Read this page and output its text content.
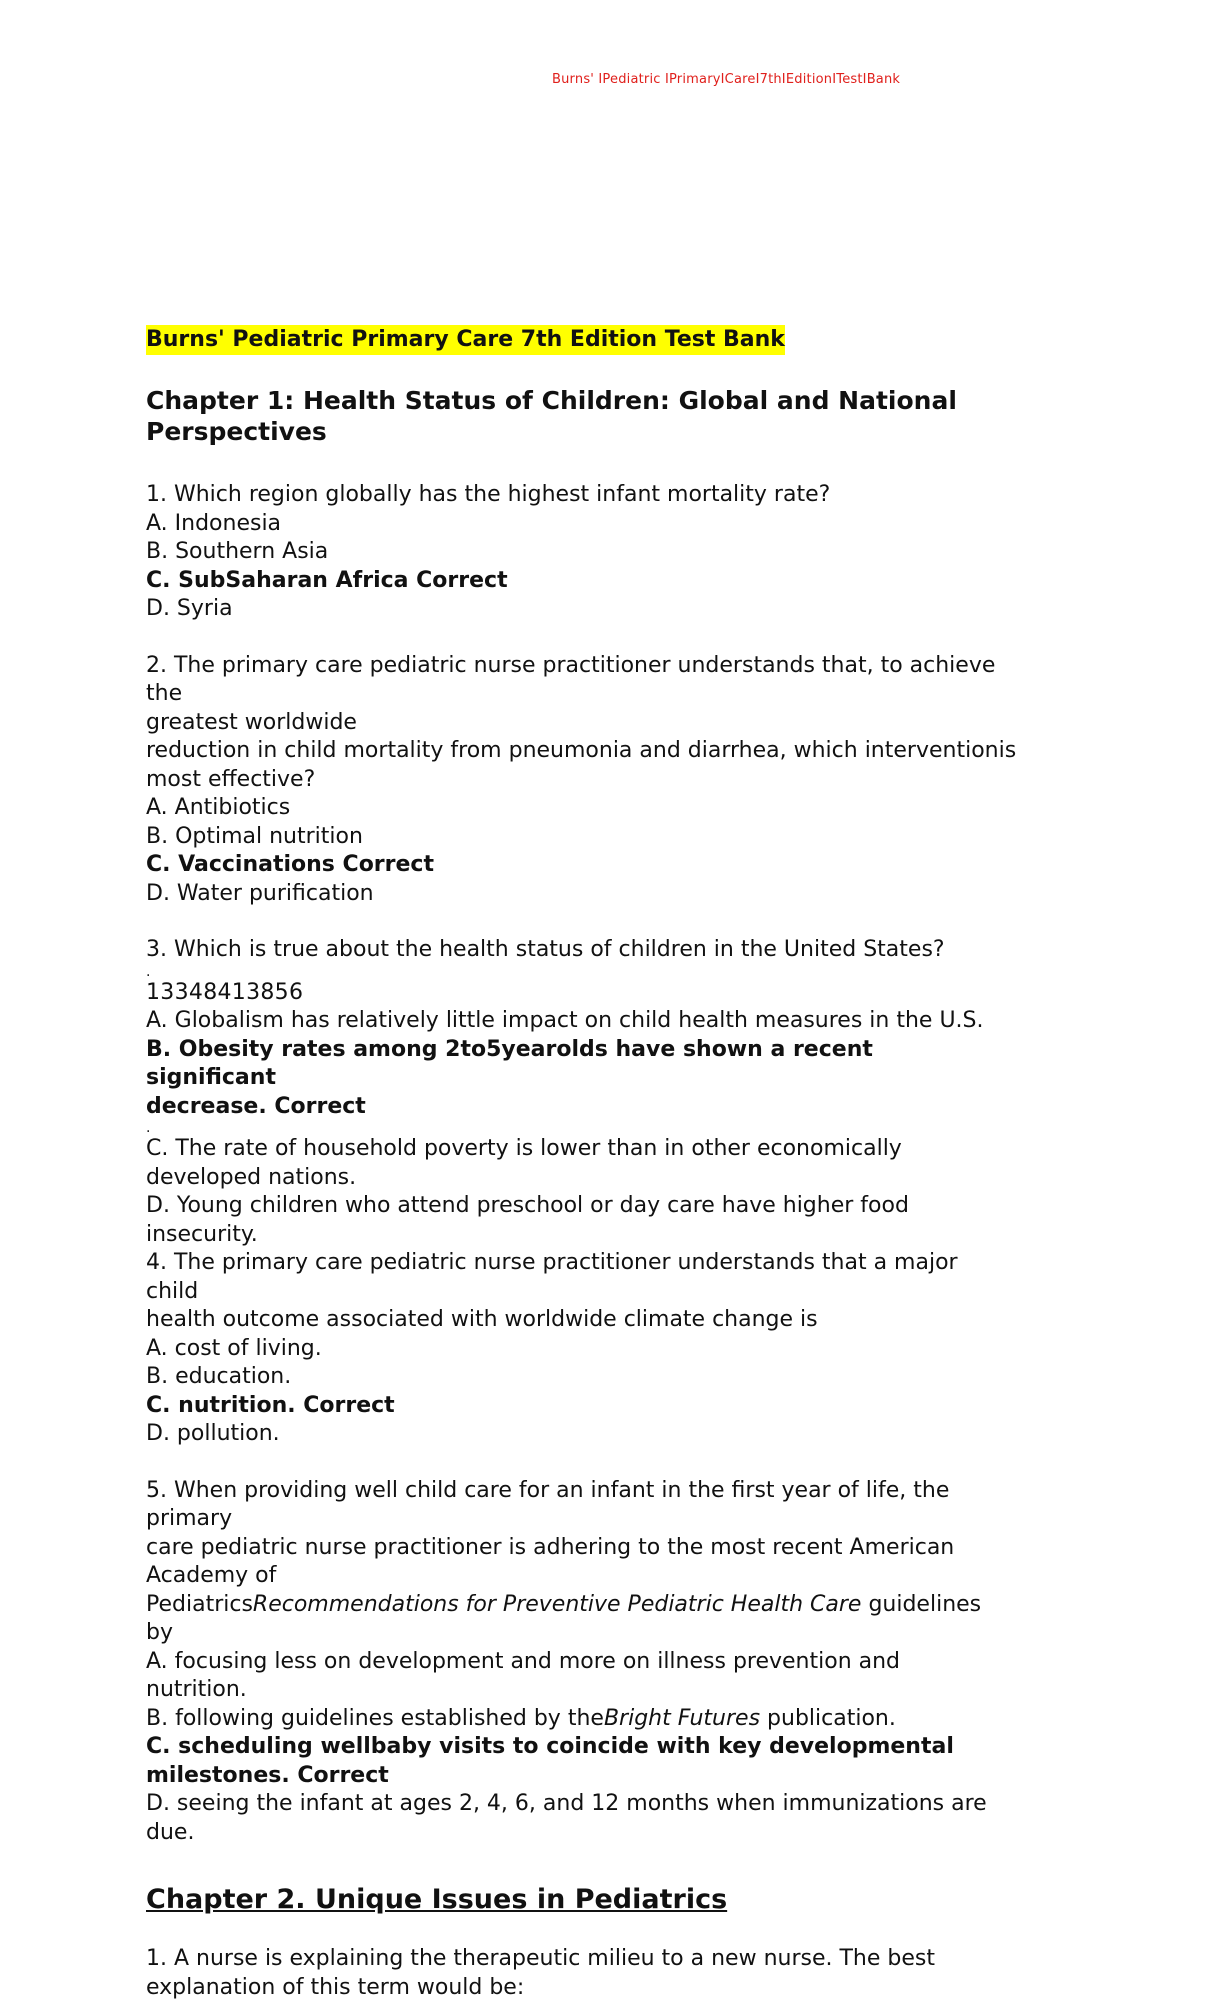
Burns' IPediatric IPrimaryICareI7thIEditionITestIBank

Burns' Pediatric Primary Care 7th Edition Test Bank

Chapter 1: Health Status of Children: Global and National
Perspectives
1. Which region globally has the highest infant mortality rate?
A. Indonesia
B. Southern Asia
C. SubSaharan Africa Correct
D. Syria
2. The primary care pediatric nurse practitioner understands that, to achieve
the
greatest worldwide
reduction in child mortality from pneumonia and diarrhea, which interventionis
most effective?
A. Antibiotics
B. Optimal nutrition
C. Vaccinations Correct
D. Water purification
3. Which is true about the health status of children in the United States?
.
13348413856
A. Globalism has relatively little impact on child health measures in the U.S.
B. Obesity rates among 2to5yearolds have shown a recent
significant
decrease. Correct
.
C. The rate of household poverty is lower than in other economically
developed nations.
D. Young children who attend preschool or day care have higher food
insecurity.
4. The primary care pediatric nurse practitioner understands that a major
child
health outcome associated with worldwide climate change is
A. cost of living.
B. education.
C. nutrition. Correct
D. pollution.
5. When providing well child care for an infant in the first year of life, the
primary
care pediatric nurse practitioner is adhering to the most recent American
Academy of
PediatricsRecommendations for Preventive Pediatric Health Care guidelines
by
A. focusing less on development and more on illness prevention and
nutrition.
B. following guidelines established by theBright Futures publication.
C. scheduling wellbaby visits to coincide with key developmental
milestones. Correct
D. seeing the infant at ages 2, 4, 6, and 12 months when immunizations are
due.
Chapter 2. Unique Issues in Pediatrics
1. A nurse is explaining the therapeutic milieu to a new nurse. The best
explanation of this term would be:
